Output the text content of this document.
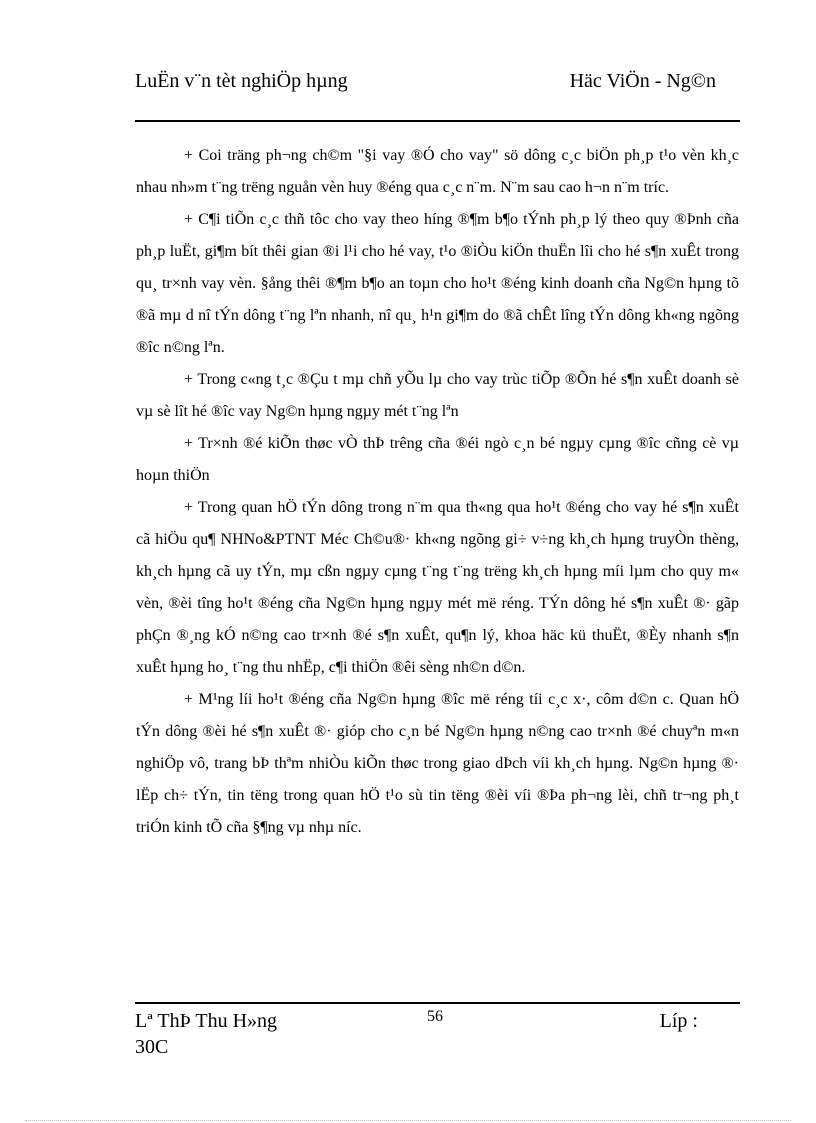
LuËn v¨n tèt nghiÖp hµng	Häc ViÖn - Ng©n

+ Coi träng ph¬ng ch©m "§i vay ®Ó cho vay" sö dông c¸c biÖn ph¸p t¹o vèn kh¸c nhau nh»m t¨ng trëng nguån vèn huy ®éng qua c¸c n¨m. N¨m sau cao h¬n n¨m tríc.

+ C¶i tiÕn c¸c thñ tôc cho vay theo híng ®¶m b¶o tÝnh ph¸p lý theo quy ®Þnh cña ph¸p luËt, gi¶m bít thêi gian ®i l¹i cho hé vay, t¹o ®iÒu kiÖn thuËn lîi cho hé s¶n xuÊt trong qu¸ tr×nh vay vèn. §ång thêi ®¶m b¶o an toµn cho ho¹t ®éng kinh doanh cña Ng©n hµng tõ ®ã mµ d nî tÝn dông t¨ng lªn nhanh, nî qu¸ h¹n gi¶m do ®ã chÊt lîng tÝn dông kh«ng ngõng ®îc n©ng lªn.

+ Trong c«ng t¸c ®Çu t mµ chñ yÕu lµ cho vay trùc tiÕp ®Õn hé s¶n xuÊt doanh sè vµ sè lît hé ®îc vay Ng©n hµng ngµy mét t¨ng lªn

+ Tr×nh ®é kiÕn thøc vÒ thÞ trêng cña ®éi ngò c¸n bé ngµy cµng ®îc cñng cè vµ hoµn thiÖn

+ Trong quan hÖ tÝn dông trong n¨m qua th«ng qua ho¹t ®éng cho vay hé s¶n xuÊt cã hiÖu qu¶ NHNo&PTNT Méc Ch©u®· kh«ng ngõng gi÷ v÷ng kh¸ch hµng truyÒn thèng, kh¸ch hµng cã uy tÝn, mµ cßn ngµy cµng t¨ng t¨ng trëng kh¸ch hµng míi lµm cho quy m« vèn, ®èi tîng ho¹t ®éng cña Ng©n hµng ngµy mét më réng. TÝn dông hé s¶n xuÊt ®· gãp phÇn ®¸ng kÓ n©ng cao tr×nh ®é s¶n xuÊt, qu¶n lý, khoa häc kü thuËt, ®Èy nhanh s¶n xuÊt hµng ho¸ t¨ng thu nhËp, c¶i thiÖn ®êi sèng nh©n d©n.

+ M¹ng líi ho¹t ®éng cña Ng©n hµng ®îc më réng tíi c¸c x·, côm d©n c. Quan hÖ tÝn dông ®èi hé s¶n xuÊt ®· gióp cho c¸n bé Ng©n hµng n©ng cao tr×nh ®é chuyªn m«n nghiÖp vô, trang bÞ thªm nhiÒu kiÕn thøc trong giao dÞch víi kh¸ch hµng. Ng©n hµng ®· lËp ch÷ tÝn, tin tëng trong quan hÖ t¹o sù tin tëng ®èi víi ®Þa ph¬ng lèi, chñ tr¬ng ph¸t triÓn kinh tÕ cña §¶ng vµ nhµ níc.

Lª ThÞ Thu H»ng 30C
56	Líp :
